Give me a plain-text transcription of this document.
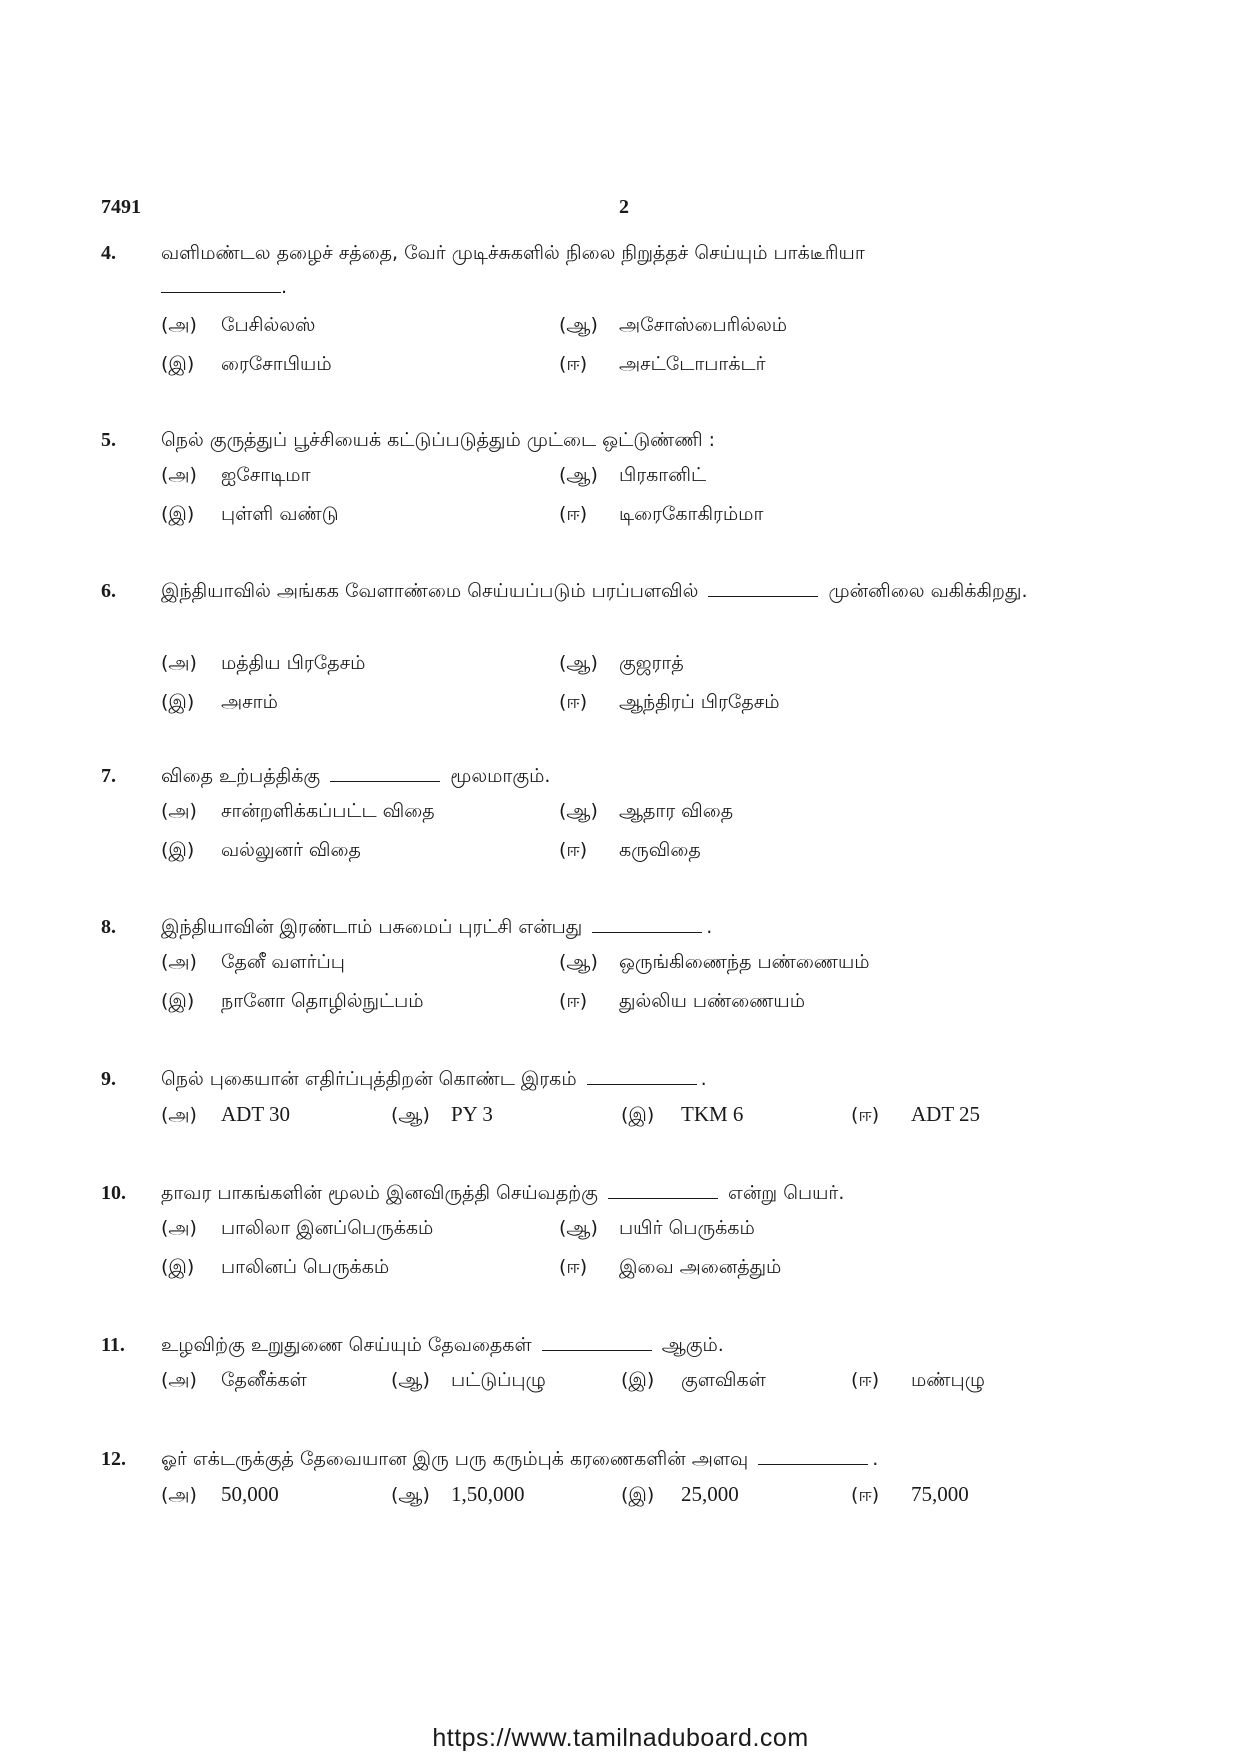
7491	2
4. வளிமண்டல தழைச் சத்தை, வேர் முடிச்சுகளில் நிலை நிறுத்தச் செய்யும் பாக்டீரியா
.
(அ) பேசில்லஸ்	(ஆ) அசோஸ்பைரில்லம்
(இ) ரைசோபியம்	(ஈ) அசட்டோபாக்டர்
5. நெல் குருத்துப் பூச்சியைக் கட்டுப்படுத்தும் முட்டை ஒட்டுண்ணி :
(அ) ஐசோடிமா	(ஆ) பிரகானிட்
(இ) புள்ளி வண்டு	(ஈ) டிரைகோகிரம்மா
6. இந்தியாவில் அங்கக வேளாண்மை செய்யப்படும் பரப்பளவில்	முன்னிலை வகிக்கிறது.
(அ) மத்திய பிரதேசம்	(ஆ) குஜராத்
(இ) அசாம்	(ஈ) ஆந்திரப் பிரதேசம்
7. விதை உற்பத்திக்கு	மூலமாகும்.
(அ) சான்றளிக்கப்பட்ட விதை	(ஆ) ஆதார விதை
(இ) வல்லுனர் விதை	(ஈ) கருவிதை
8. இந்தியாவின் இரண்டாம் பசுமைப் புரட்சி என்பது	.
(அ) தேனீ வளர்ப்பு	(ஆ) ஒருங்கிணைந்த பண்ணையம்
(இ) நானோ தொழில்நுட்பம்	(ஈ) துல்லிய பண்ணையம்
9. நெல் புகையான் எதிர்ப்புத்திறன் கொண்ட இரகம்	.
(அ) ADT 30	(ஆ) PY 3	(இ) TKM 6	(ஈ) ADT 25
10. தாவர பாகங்களின் மூலம் இனவிருத்தி செய்வதற்கு	என்று பெயர்.
(அ) பாலிலா இனப்பெருக்கம்	(ஆ) பயிர் பெருக்கம்
(இ) பாலினப் பெருக்கம்	(ஈ) இவை அனைத்தும்
11. உழவிற்கு உறுதுணை செய்யும் தேவதைகள்	ஆகும்.
(அ) தேனீக்கள்	(ஆ) பட்டுப்புழு	(இ) குளவிகள்	(ஈ) மண்புழு
12. ஓர் எக்டருக்குத் தேவையான இரு பரு கரும்புக் கரணைகளின் அளவு	.
(அ) 50,000	(ஆ) 1,50,000	(இ) 25,000	(ஈ) 75,000
https://www.tamilnaduboard.com
